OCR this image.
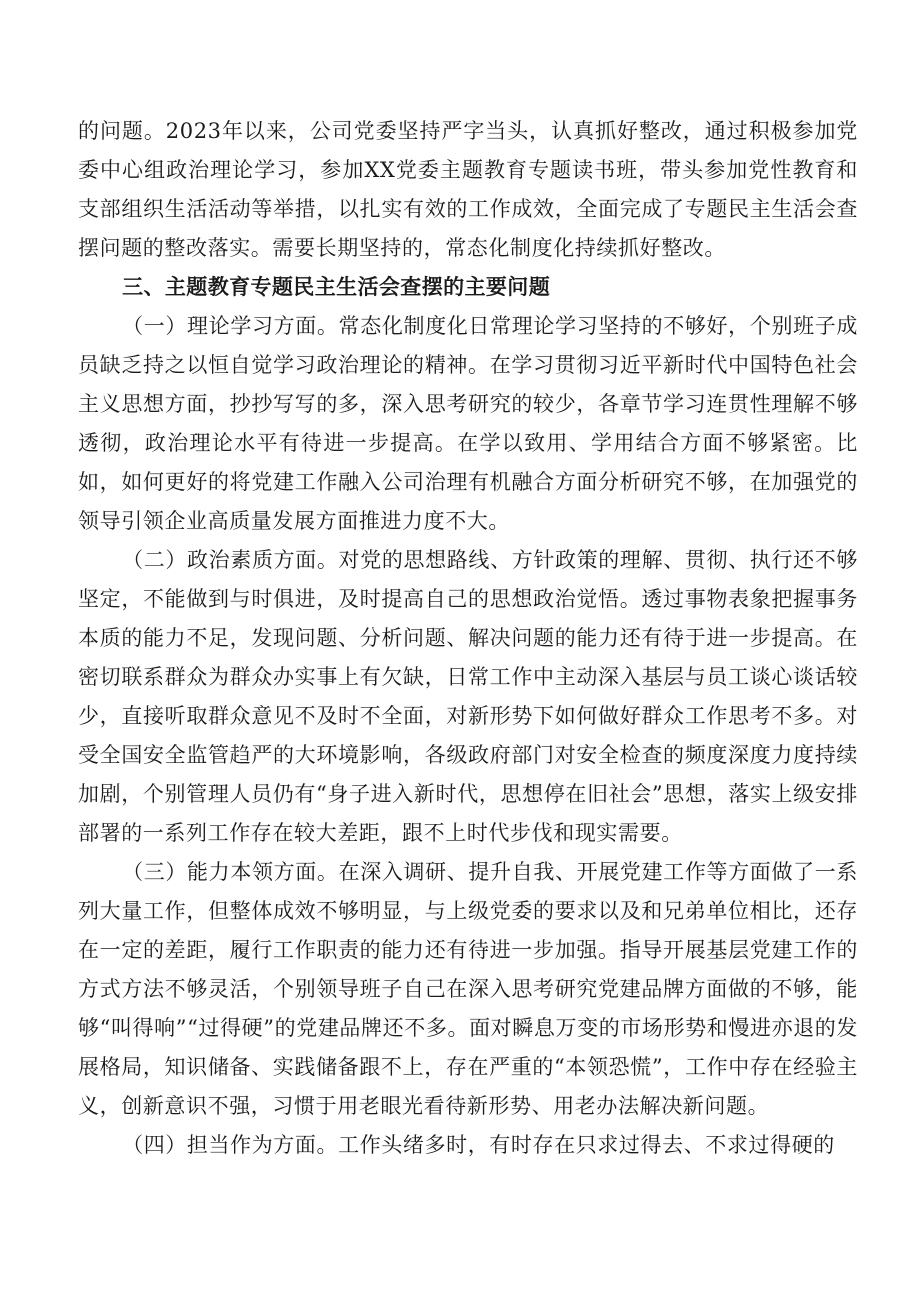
的问题。2023年以来，公司党委坚持严字当头，认真抓好整改，通过积极参加党委中心组政治理论学习，参加XX党委主题教育专题读书班，带头参加党性教育和支部组织生活活动等举措，以扎实有效的工作成效，全面完成了专题民主生活会查摆问题的整改落实。需要长期坚持的，常态化制度化持续抓好整改。

三、主题教育专题民主生活会查摆的主要问题

（一）理论学习方面。常态化制度化日常理论学习坚持的不够好，个别班子成员缺乏持之以恒自觉学习政治理论的精神。在学习贯彻习近平新时代中国特色社会主义思想方面，抄抄写写的多，深入思考研究的较少，各章节学习连贯性理解不够透彻，政治理论水平有待进一步提高。在学以致用、学用结合方面不够紧密。比如，如何更好的将党建工作融入公司治理有机融合方面分析研究不够，在加强党的领导引领企业高质量发展方面推进力度不大。

（二）政治素质方面。对党的思想路线、方针政策的理解、贯彻、执行还不够坚定，不能做到与时俱进，及时提高自己的思想政治觉悟。透过事物表象把握事务本质的能力不足，发现问题、分析问题、解决问题的能力还有待于进一步提高。在密切联系群众为群众办实事上有欠缺，日常工作中主动深入基层与员工谈心谈话较少，直接听取群众意见不及时不全面，对新形势下如何做好群众工作思考不多。对受全国安全监管趋严的大环境影响，各级政府部门对安全检查的频度深度力度持续加剧，个别管理人员仍有“身子进入新时代，思想停在旧社会”思想，落实上级安排部署的一系列工作存在较大差距，跟不上时代步伐和现实需要。

（三）能力本领方面。在深入调研、提升自我、开展党建工作等方面做了一系列大量工作，但整体成效不够明显，与上级党委的要求以及和兄弟单位相比，还存在一定的差距，履行工作职责的能力还有待进一步加强。指导开展基层党建工作的方式方法不够灵活，个别领导班子自己在深入思考研究党建品牌方面做的不够，能够“叫得响”“过得硬”的党建品牌还不多。面对瞬息万变的市场形势和慢进亦退的发展格局，知识储备、实践储备跟不上，存在严重的“本领恐慌”，工作中存在经验主义，创新意识不强，习惯于用老眼光看待新形势、用老办法解决新问题。

（四）担当作为方面。工作头绪多时，有时存在只求过得去、不求过得硬的
